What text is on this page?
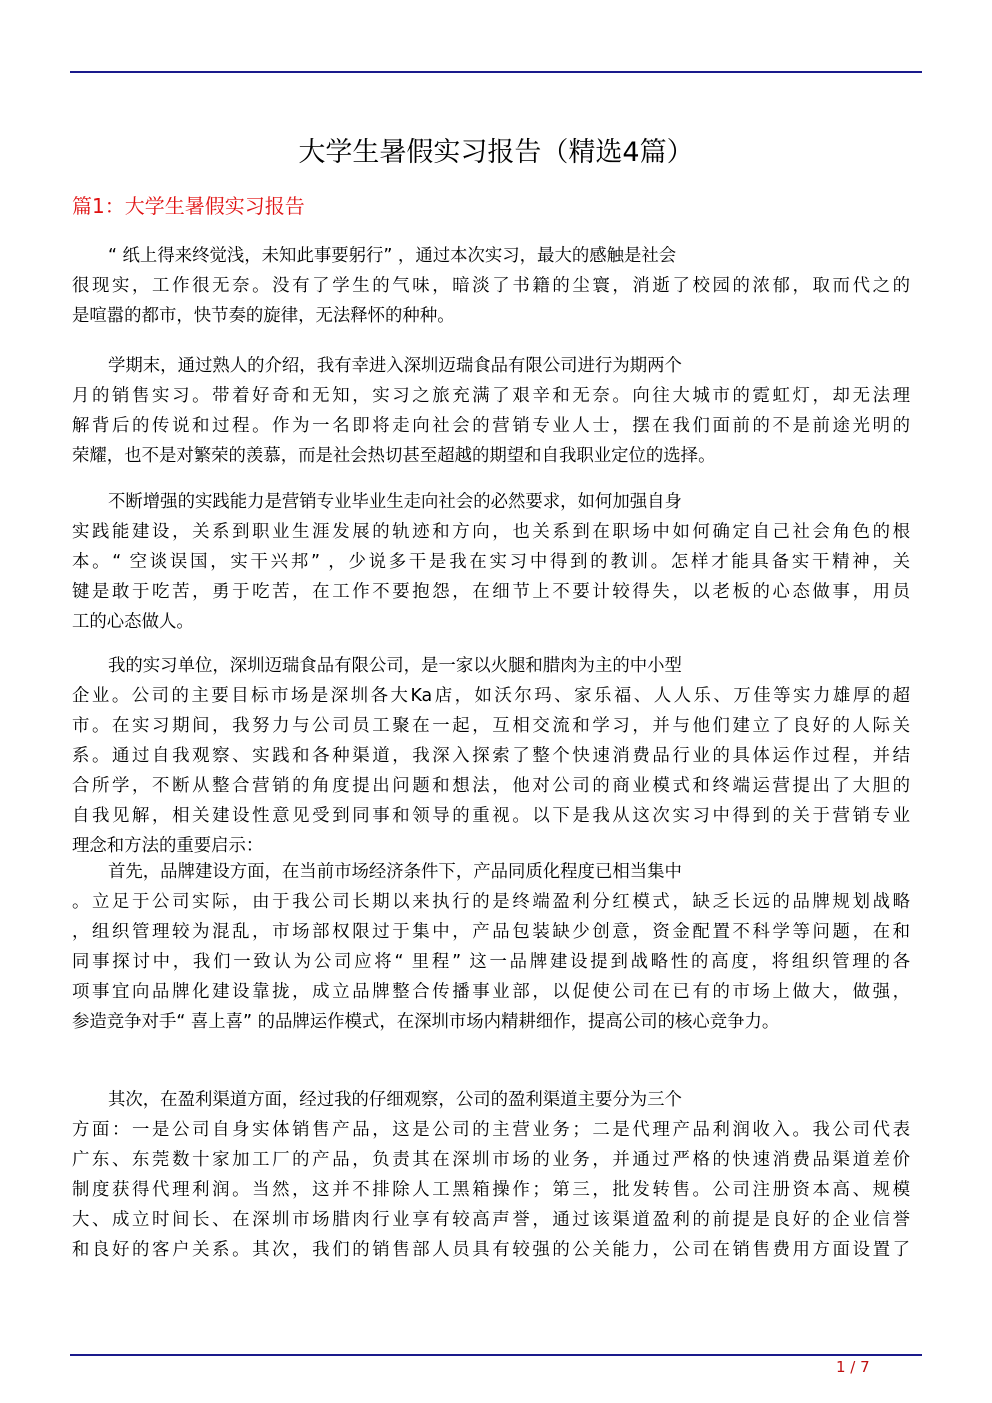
大学生暑假实习报告（精选4篇）
篇1：大学生暑假实习报告
“ 纸上得来终觉浅，未知此事要躬行” ，通过本次实习，最大的感触是社会
很现实，工作很无奈。没有了学生的气味，暗淡了书籍的尘寰，消逝了校园的浓郁，取而代之的
是喧嚣的都市，快节奏的旋律，无法释怀的种种。
学期末，通过熟人的介绍，我有幸进入深圳迈瑞食品有限公司进行为期两个
月的销售实习。带着好奇和无知，实习之旅充满了艰辛和无奈。向往大城市的霓虹灯，却无法理
解背后的传说和过程。作为一名即将走向社会的营销专业人士，摆在我们面前的不是前途光明的
荣耀，也不是对繁荣的羡慕，而是社会热切甚至超越的期望和自我职业定位的选择。
不断增强的实践能力是营销专业毕业生走向社会的必然要求，如何加强自身
实践能建设，关系到职业生涯发展的轨迹和方向，也关系到在职场中如何确定自己社会角色的根
本。“ 空谈误国，实干兴邦” ，少说多干是我在实习中得到的教训。怎样才能具备实干精神，关
键是敢于吃苦，勇于吃苦，在工作不要抱怨，在细节上不要计较得失，以老板的心态做事，用员
工的心态做人。
我的实习单位，深圳迈瑞食品有限公司，是一家以火腿和腊肉为主的中小型
企业。公司的主要目标市场是深圳各大Ka店，如沃尔玛、家乐福、人人乐、万佳等实力雄厚的超
市。在实习期间，我努力与公司员工聚在一起，互相交流和学习，并与他们建立了良好的人际关
系。通过自我观察、实践和各种渠道，我深入探索了整个快速消费品行业的具体运作过程，并结
合所学，不断从整合营销的角度提出问题和想法，他对公司的商业模式和终端运营提出了大胆的
自我见解，相关建设性意见受到同事和领导的重视。以下是我从这次实习中得到的关于营销专业
理念和方法的重要启示：
首先，品牌建设方面，在当前市场经济条件下，产品同质化程度已相当集中
。立足于公司实际，由于我公司长期以来执行的是终端盈利分红模式，缺乏长远的品牌规划战略
，组织管理较为混乱，市场部权限过于集中，产品包装缺少创意，资金配置不科学等问题，在和
同事探讨中，我们一致认为公司应将“ 里程” 这一品牌建设提到战略性的高度，将组织管理的各
项事宜向品牌化建设靠拢，成立品牌整合传播事业部，以促使公司在已有的市场上做大，做强，
参造竞争对手“ 喜上喜” 的品牌运作模式，在深圳市场内精耕细作，提高公司的核心竞争力。
其次，在盈利渠道方面，经过我的仔细观察，公司的盈利渠道主要分为三个
方面：一是公司自身实体销售产品，这是公司的主营业务；二是代理产品利润收入。我公司代表
广东、东莞数十家加工厂的产品，负责其在深圳市场的业务，并通过严格的快速消费品渠道差价
制度获得代理利润。当然，这并不排除人工黑箱操作；第三，批发转售。公司注册资本高、规模
大、成立时间长、在深圳市场腊肉行业享有较高声誉，通过该渠道盈利的前提是良好的企业信誉
和良好的客户关系。其次，我们的销售部人员具有较强的公关能力，公司在销售费用方面设置了
1 / 7
